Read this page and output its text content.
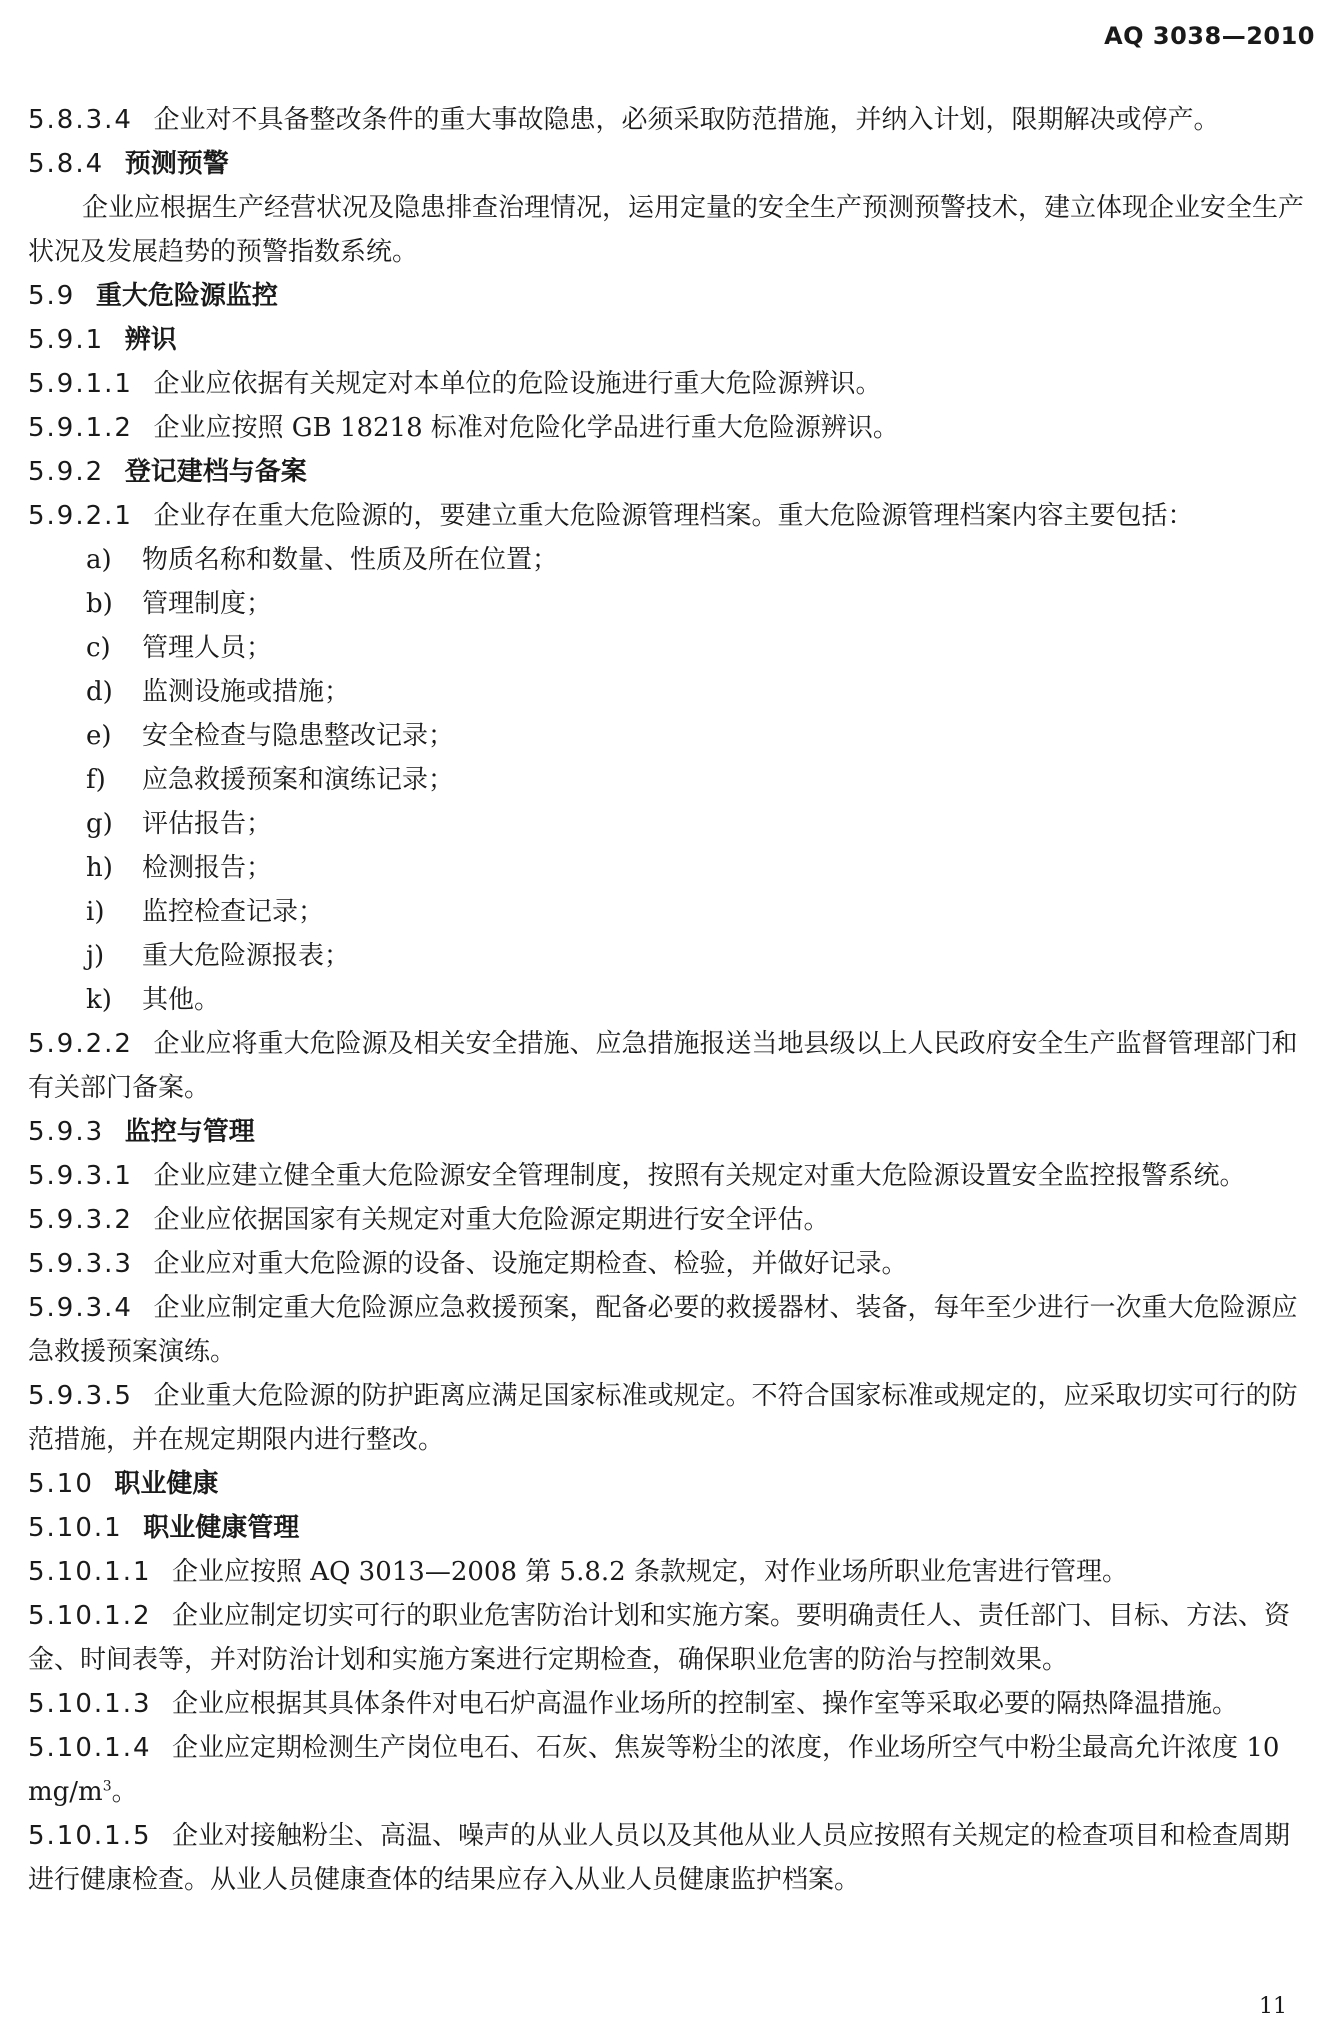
AQ 3038—2010

5.8.3.4 企业对不具备整改条件的重大事故隐患，必须采取防范措施，并纳入计划，限期解决或停产。

5.8.4 预测预警

企业应根据生产经营状况及隐患排查治理情况，运用定量的安全生产预测预警技术，建立体现企业安全生产状况及发展趋势的预警指数系统。

5.9 重大危险源监控

5.9.1 辨识

5.9.1.1 企业应依据有关规定对本单位的危险设施进行重大危险源辨识。

5.9.1.2 企业应按照 GB 18218 标准对危险化学品进行重大危险源辨识。

5.9.2 登记建档与备案

5.9.2.1 企业存在重大危险源的，要建立重大危险源管理档案。重大危险源管理档案内容主要包括：

a) 物质名称和数量、性质及所在位置；

b) 管理制度；

c) 管理人员；

d) 监测设施或措施；

e) 安全检查与隐患整改记录；

f) 应急救援预案和演练记录；

g) 评估报告；

h) 检测报告；

i) 监控检查记录；

j) 重大危险源报表；

k) 其他。

5.9.2.2 企业应将重大危险源及相关安全措施、应急措施报送当地县级以上人民政府安全生产监督管理部门和有关部门备案。

5.9.3 监控与管理

5.9.3.1 企业应建立健全重大危险源安全管理制度，按照有关规定对重大危险源设置安全监控报警系统。

5.9.3.2 企业应依据国家有关规定对重大危险源定期进行安全评估。

5.9.3.3 企业应对重大危险源的设备、设施定期检查、检验，并做好记录。

5.9.3.4 企业应制定重大危险源应急救援预案，配备必要的救援器材、装备，每年至少进行一次重大危险源应急救援预案演练。

5.9.3.5 企业重大危险源的防护距离应满足国家标准或规定。不符合国家标准或规定的，应采取切实可行的防范措施，并在规定期限内进行整改。

5.10 职业健康

5.10.1 职业健康管理

5.10.1.1 企业应按照 AQ 3013—2008 第 5.8.2 条款规定，对作业场所职业危害进行管理。

5.10.1.2 企业应制定切实可行的职业危害防治计划和实施方案。要明确责任人、责任部门、目标、方法、资金、时间表等，并对防治计划和实施方案进行定期检查，确保职业危害的防治与控制效果。

5.10.1.3 企业应根据其具体条件对电石炉高温作业场所的控制室、操作室等采取必要的隔热降温措施。

5.10.1.4 企业应定期检测生产岗位电石、石灰、焦炭等粉尘的浓度，作业场所空气中粉尘最高允许浓度 10 $mg/m^3$。

5.10.1.5 企业对接触粉尘、高温、噪声的从业人员以及其他从业人员应按照有关规定的检查项目和检查周期进行健康检查。从业人员健康查体的结果应存入从业人员健康监护档案。

11
